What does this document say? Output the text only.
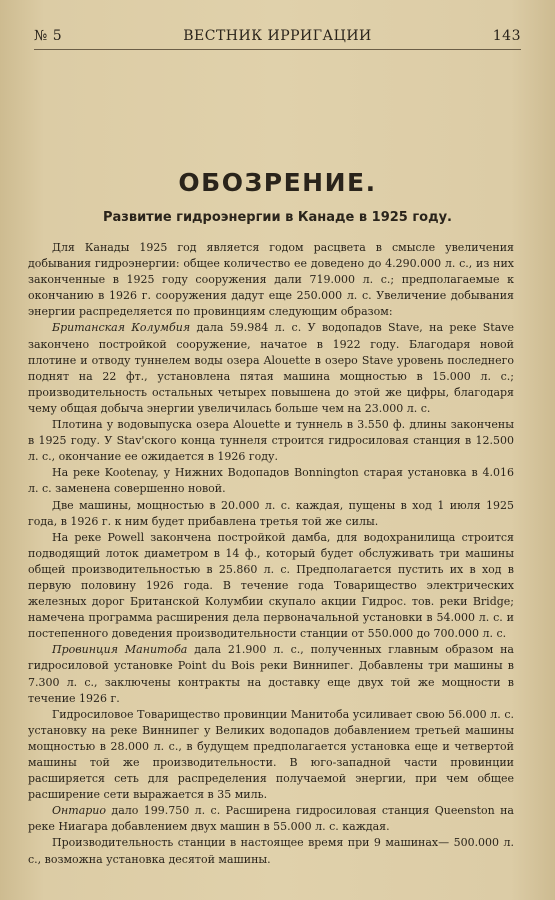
№ 5	ВЕСТНИК ИРРИГАЦИИ	143
ОБОЗРЕНИЕ.
Развитие гидроэнергии в Канаде в 1925 году.

Для Канады 1925 год является годом расцвета в смысле увеличения добывания гидроэнергии: общее количество ее доведено до 4.290.000 л. с., из них законченные в 1925 году сооружения дали 719.000 л. с.; предполагаемые к окончанию в 1926 г. сооружения дадут еще 250.000 л. с. Увеличение добывания энергии распределяется по провинциям следующим образом:

Британская Колумбия дала 59.984 л. с. У водопадов Stave, на реке Stave закончено постройкой сооружение, начатое в 1922 году. Благодаря новой плотине и отводу туннелем воды озера Alouette в озеро Stave уровень последнего поднят на 22 фт., установлена пятая машина мощностью в 15.000 л. с.; производительность остальных четырех повышена до этой же цифры, благодаря чему общая добыча энергии увеличилась больше чем на 23.000 л. с.

Плотина у водовыпуска озера Alouette и туннель в 3.550 ф. длины закончены в 1925 году. У Stav'ского конца туннеля строится гидросиловая станция в 12.500 л. с., окончание ее ожидается в 1926 году.

На реке Kootenay, у Нижних Водопадов Bonnington старая установка в 4.016 л. с. заменена совершенно новой.

Две машины, мощностью в 20.000 л. с. каждая, пущены в ход 1 июля 1925 года, в 1926 г. к ним будет прибавлена третья той же силы.

На реке Powell закончена постройкой дамба, для водохранилища строится подводящий лоток диаметром в 14 ф., который будет обслуживать три машины общей производительностью в 25.860 л. с. Предполагается пустить их в ход в первую половину 1926 года. В течение года Товарищество электрических железных дорог Британской Колумбии скупало акции Гидрос. тов. реки Bridge; намечена программа расширения дела первоначальной установки в 54.000 л. с. и постепенного доведения производительности станции от 550.000 до 700.000 л. с.

Провинция Манитоба дала 21.900 л. с., полученных главным образом на гидросиловой установке Point du Bois реки Виннипег. Добавлены три машины в 7.300 л. с., заключены контракты на доставку еще двух той же мощности в течение 1926 г.

Гидросиловое Товарищество провинции Манитоба усиливает свою 56.000 л. с. установку на реке Виннипег у Великих водопадов добавлением третьей машины мощностью в 28.000 л. с., в будущем предполагается установка еще и четвертой машины той же производительности. В юго-западной части провинции расширяется сеть для распределения получаемой энергии, при чем общее расширение сети выражается в 35 миль.

Онтарио дало 199.750 л. с. Расширена гидросиловая станция Queenston на реке Ниагара добавлением двух машин в 55.000 л. с. каждая.

Производительность станции в настоящее время при 9 машинах— 500.000 л. с., возможна установка десятой машины.
